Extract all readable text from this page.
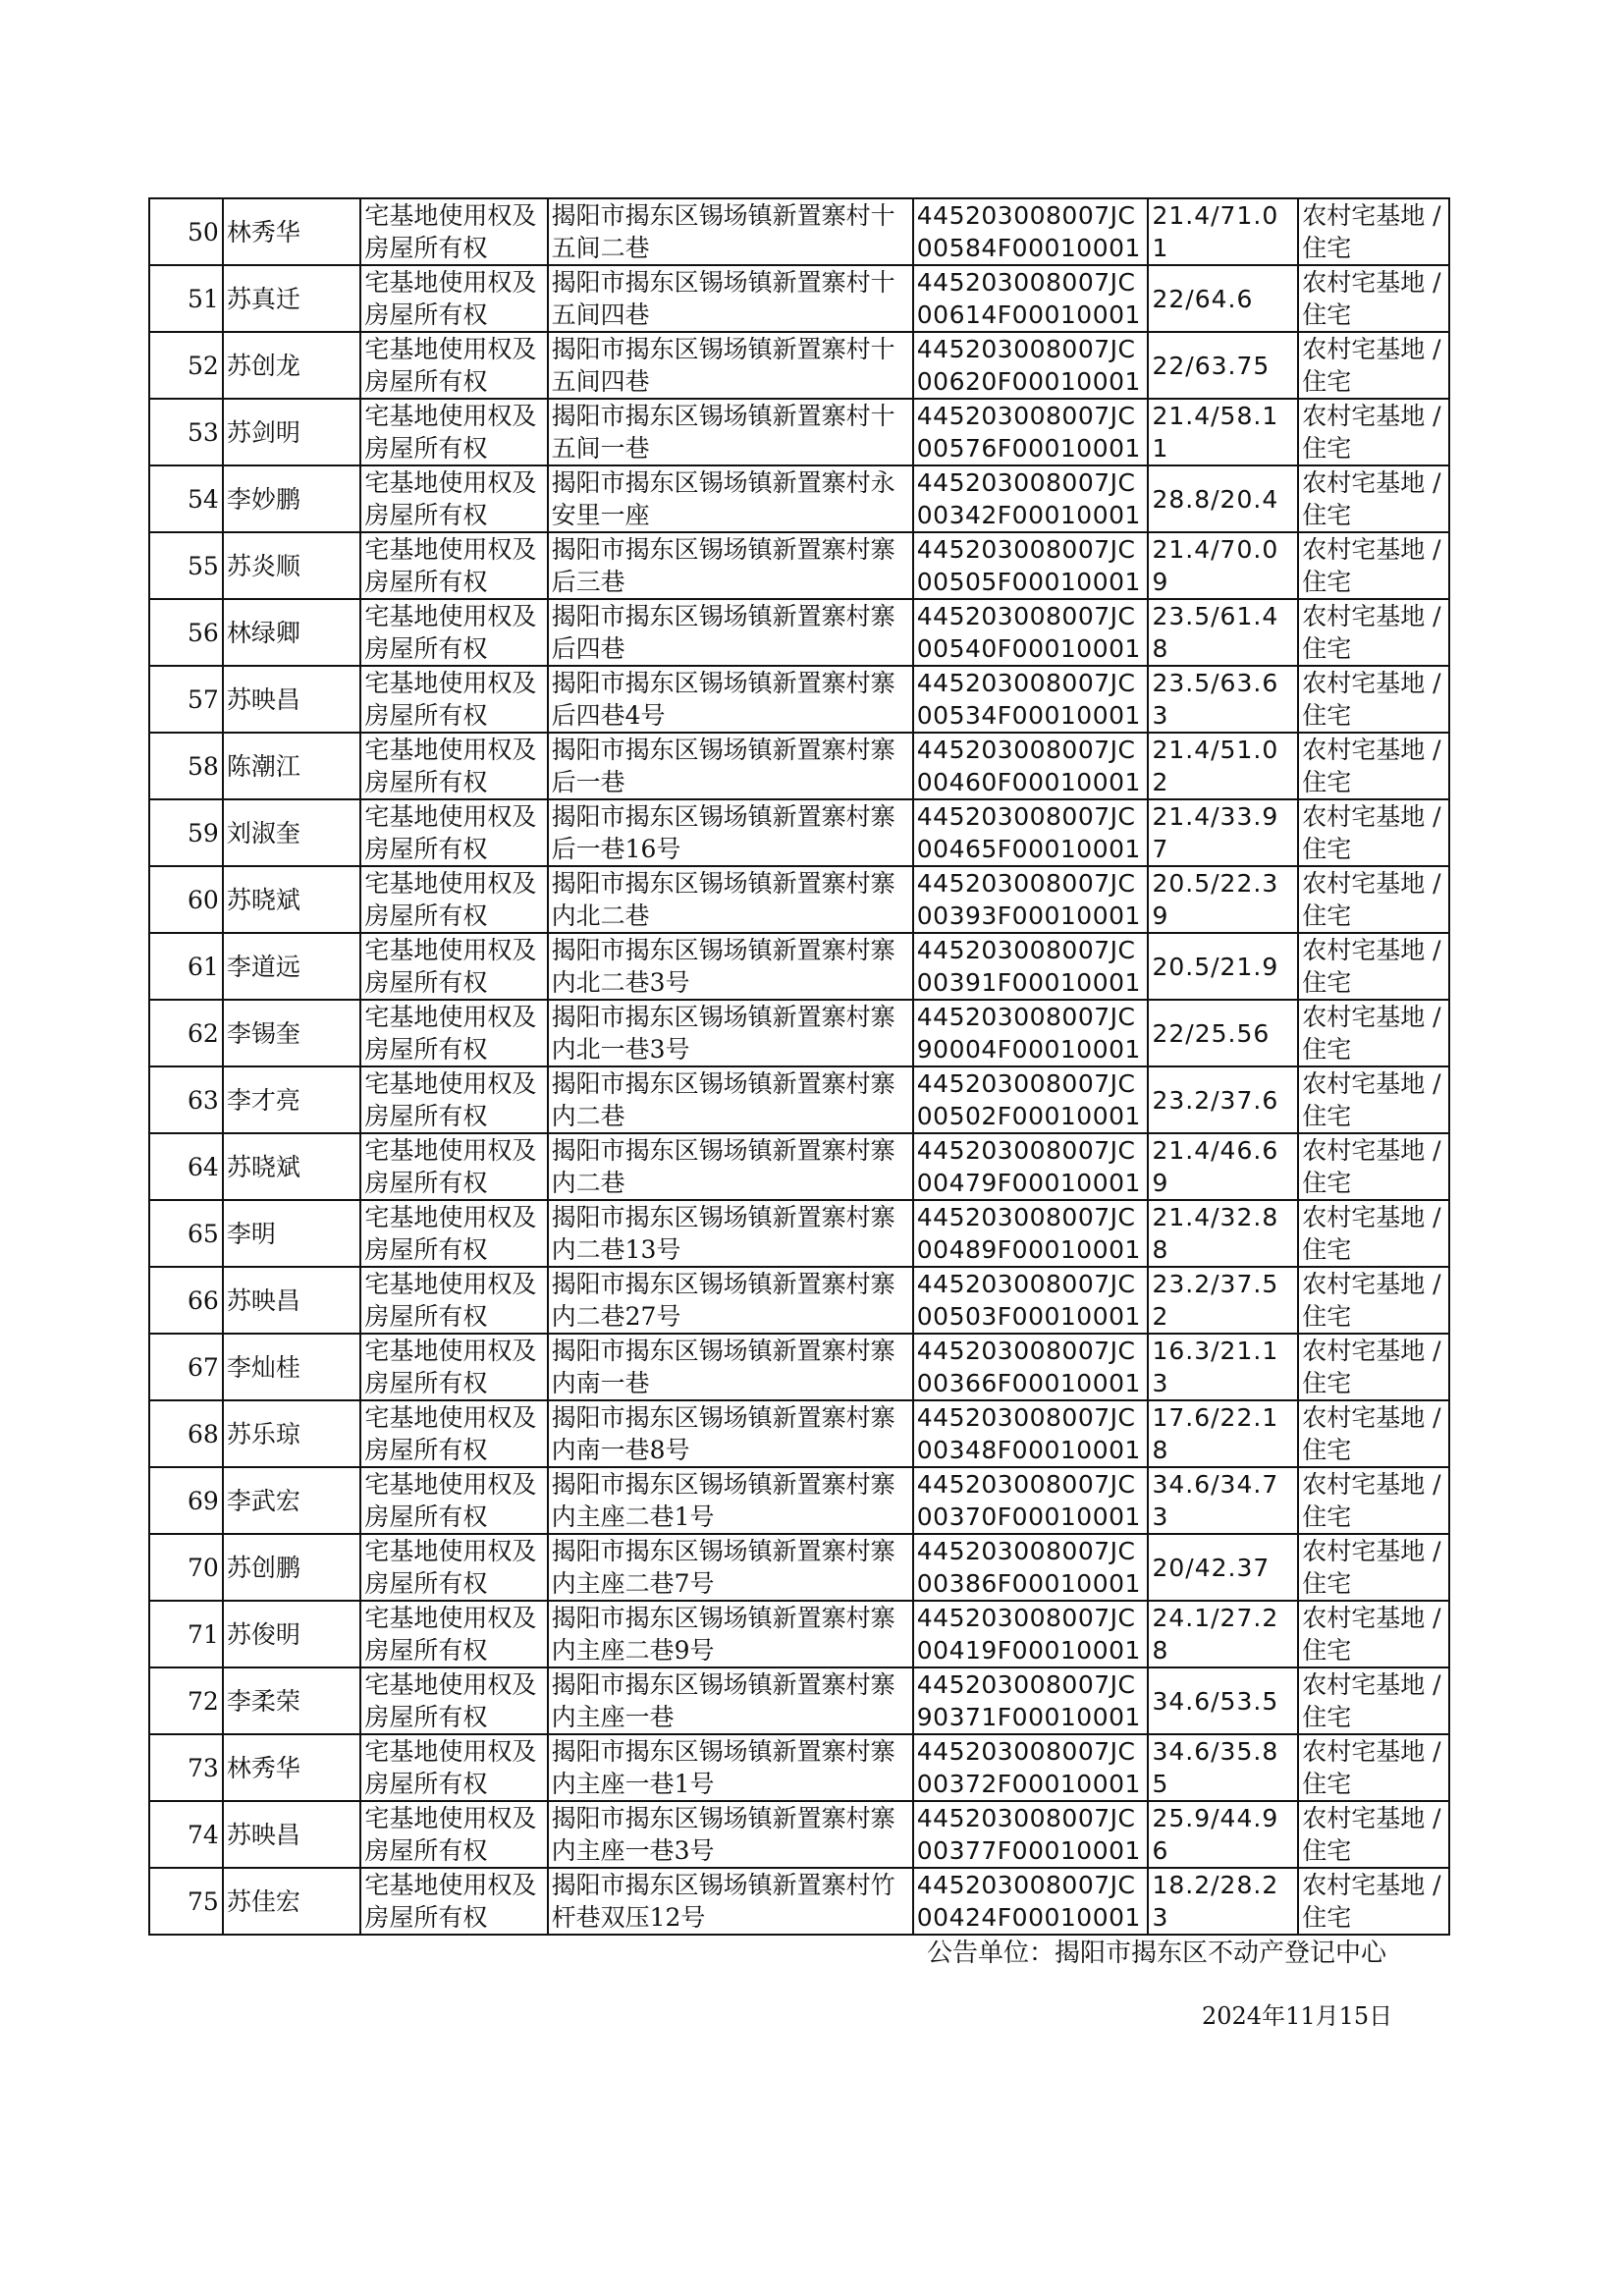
50	林秀华	宅基地使用权及房屋所有权	揭阳市揭东区锡场镇新置寨村十五间二巷	445203008007JC00584F00010001	21.4/71.01	农村宅基地 / 住宅
51	苏真迁	宅基地使用权及房屋所有权	揭阳市揭东区锡场镇新置寨村十五间四巷	445203008007JC00614F00010001	22/64.6	农村宅基地 / 住宅
52	苏创龙	宅基地使用权及房屋所有权	揭阳市揭东区锡场镇新置寨村十五间四巷	445203008007JC00620F00010001	22/63.75	农村宅基地 / 住宅
53	苏剑明	宅基地使用权及房屋所有权	揭阳市揭东区锡场镇新置寨村十五间一巷	445203008007JC00576F00010001	21.4/58.11	农村宅基地 / 住宅
54	李妙鹏	宅基地使用权及房屋所有权	揭阳市揭东区锡场镇新置寨村永安里一座	445203008007JC00342F00010001	28.8/20.4	农村宅基地 / 住宅
55	苏炎顺	宅基地使用权及房屋所有权	揭阳市揭东区锡场镇新置寨村寨后三巷	445203008007JC00505F00010001	21.4/70.09	农村宅基地 / 住宅
56	林绿卿	宅基地使用权及房屋所有权	揭阳市揭东区锡场镇新置寨村寨后四巷	445203008007JC00540F00010001	23.5/61.48	农村宅基地 / 住宅
57	苏映昌	宅基地使用权及房屋所有权	揭阳市揭东区锡场镇新置寨村寨后四巷4号	445203008007JC00534F00010001	23.5/63.63	农村宅基地 / 住宅
58	陈潮江	宅基地使用权及房屋所有权	揭阳市揭东区锡场镇新置寨村寨后一巷	445203008007JC00460F00010001	21.4/51.02	农村宅基地 / 住宅
59	刘淑奎	宅基地使用权及房屋所有权	揭阳市揭东区锡场镇新置寨村寨后一巷16号	445203008007JC00465F00010001	21.4/33.97	农村宅基地 / 住宅
60	苏晓斌	宅基地使用权及房屋所有权	揭阳市揭东区锡场镇新置寨村寨内北二巷	445203008007JC00393F00010001	20.5/22.39	农村宅基地 / 住宅
61	李道远	宅基地使用权及房屋所有权	揭阳市揭东区锡场镇新置寨村寨内北二巷3号	445203008007JC00391F00010001	20.5/21.9	农村宅基地 / 住宅
62	李锡奎	宅基地使用权及房屋所有权	揭阳市揭东区锡场镇新置寨村寨内北一巷3号	445203008007JC90004F00010001	22/25.56	农村宅基地 / 住宅
63	李才亮	宅基地使用权及房屋所有权	揭阳市揭东区锡场镇新置寨村寨内二巷	445203008007JC00502F00010001	23.2/37.6	农村宅基地 / 住宅
64	苏晓斌	宅基地使用权及房屋所有权	揭阳市揭东区锡场镇新置寨村寨内二巷	445203008007JC00479F00010001	21.4/46.69	农村宅基地 / 住宅
65	李明	宅基地使用权及房屋所有权	揭阳市揭东区锡场镇新置寨村寨内二巷13号	445203008007JC00489F00010001	21.4/32.88	农村宅基地 / 住宅
66	苏映昌	宅基地使用权及房屋所有权	揭阳市揭东区锡场镇新置寨村寨内二巷27号	445203008007JC00503F00010001	23.2/37.52	农村宅基地 / 住宅
67	李灿桂	宅基地使用权及房屋所有权	揭阳市揭东区锡场镇新置寨村寨内南一巷	445203008007JC00366F00010001	16.3/21.13	农村宅基地 / 住宅
68	苏乐琼	宅基地使用权及房屋所有权	揭阳市揭东区锡场镇新置寨村寨内南一巷8号	445203008007JC00348F00010001	17.6/22.18	农村宅基地 / 住宅
69	李武宏	宅基地使用权及房屋所有权	揭阳市揭东区锡场镇新置寨村寨内主座二巷1号	445203008007JC00370F00010001	34.6/34.73	农村宅基地 / 住宅
70	苏创鹏	宅基地使用权及房屋所有权	揭阳市揭东区锡场镇新置寨村寨内主座二巷7号	445203008007JC00386F00010001	20/42.37	农村宅基地 / 住宅
71	苏俊明	宅基地使用权及房屋所有权	揭阳市揭东区锡场镇新置寨村寨内主座二巷9号	445203008007JC00419F00010001	24.1/27.28	农村宅基地 / 住宅
72	李柔荣	宅基地使用权及房屋所有权	揭阳市揭东区锡场镇新置寨村寨内主座一巷	445203008007JC90371F00010001	34.6/53.5	农村宅基地 / 住宅
73	林秀华	宅基地使用权及房屋所有权	揭阳市揭东区锡场镇新置寨村寨内主座一巷1号	445203008007JC00372F00010001	34.6/35.85	农村宅基地 / 住宅
74	苏映昌	宅基地使用权及房屋所有权	揭阳市揭东区锡场镇新置寨村寨内主座一巷3号	445203008007JC00377F00010001	25.9/44.96	农村宅基地 / 住宅
75	苏佳宏	宅基地使用权及房屋所有权	揭阳市揭东区锡场镇新置寨村竹杆巷双压12号	445203008007JC00424F00010001	18.2/28.23	农村宅基地 / 住宅
公告单位：揭阳市揭东区不动产登记中心
2024年11月15日
